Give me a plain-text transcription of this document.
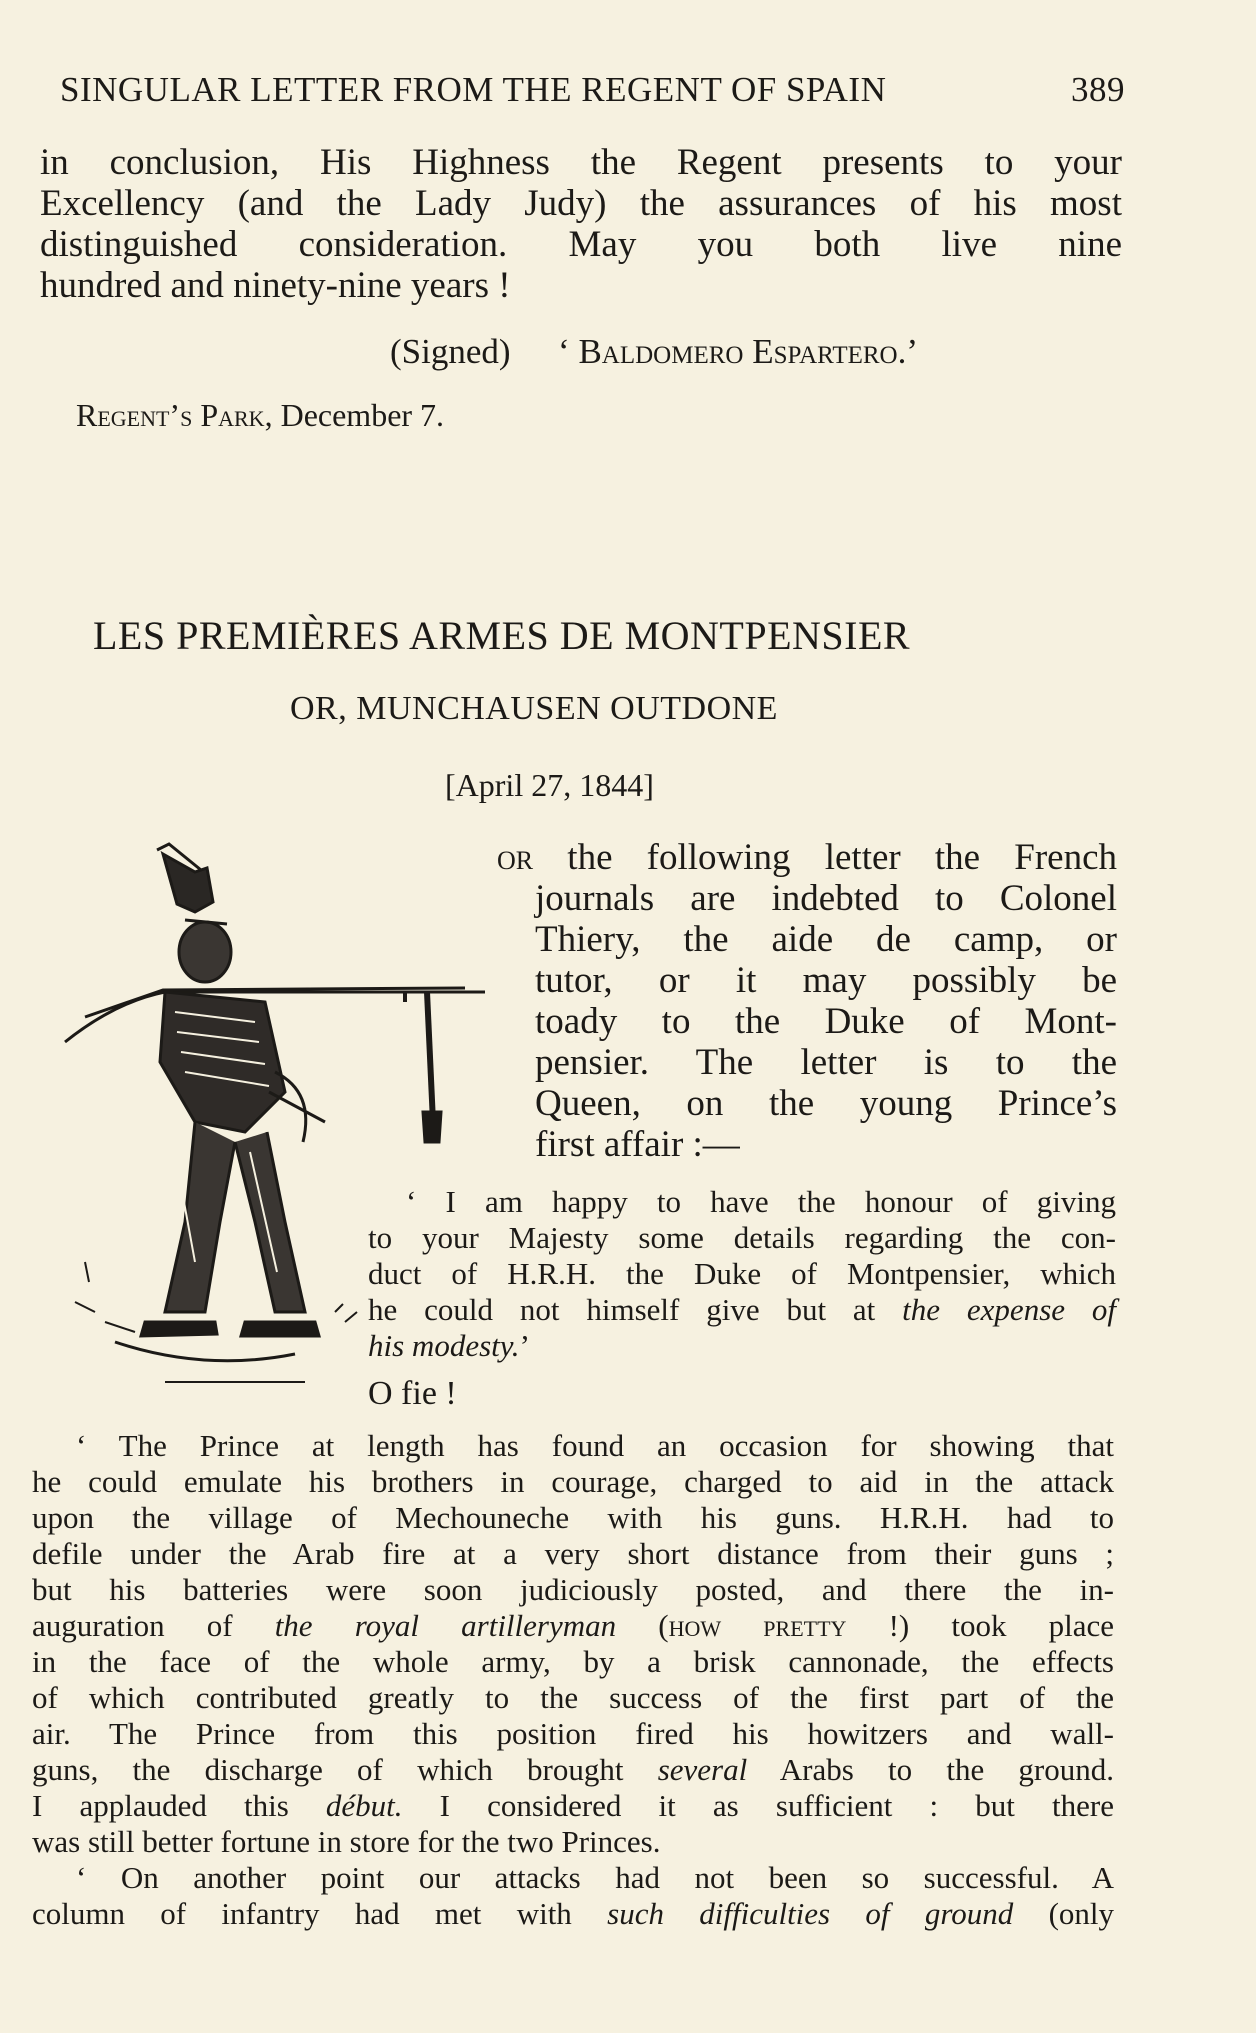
SINGULAR LETTER FROM THE REGENT OF SPAIN	389
in conclusion, His Highness the Regent presents to your
Excellency (and the Lady Judy) the assurances of his most
distinguished consideration. May you both live nine
hundred and ninety-nine years !
(Signed) ‘ Baldomero Espartero.’
Regent’s Park, December 7.
LES PREMIÈRES ARMES DE MONTPENSIER
OR, MUNCHAUSEN OUTDONE
[April 27, 1844]
or the following letter the French
journals are indebted to Colonel
Thiery, the aide de camp, or
tutor, or it may possibly be
toady to the Duke of Mont-
pensier. The letter is to the
Queen, on the young Prince’s
first affair :—
‘ I am happy to have the honour of giving
to your Majesty some details regarding the con-
duct of H.R.H. the Duke of Montpensier, which
he could not himself give but at the expense of
his modesty.’
O fie !
‘ The Prince at length has found an occasion for showing that
he could emulate his brothers in courage, charged to aid in the attack
upon the village of Mechouneche with his guns. H.R.H. had to
defile under the Arab fire at a very short distance from their guns ;
but his batteries were soon judiciously posted, and there the in-
auguration of the royal artilleryman (how pretty !) took place
in the face of the whole army, by a brisk cannonade, the effects
of which contributed greatly to the success of the first part of the
air. The Prince from this position fired his howitzers and wall-
guns, the discharge of which brought several Arabs to the ground.
I applauded this début. I considered it as sufficient : but there
was still better fortune in store for the two Princes.
‘ On another point our attacks had not been so successful. A
column of infantry had met with such difficulties of ground (only
